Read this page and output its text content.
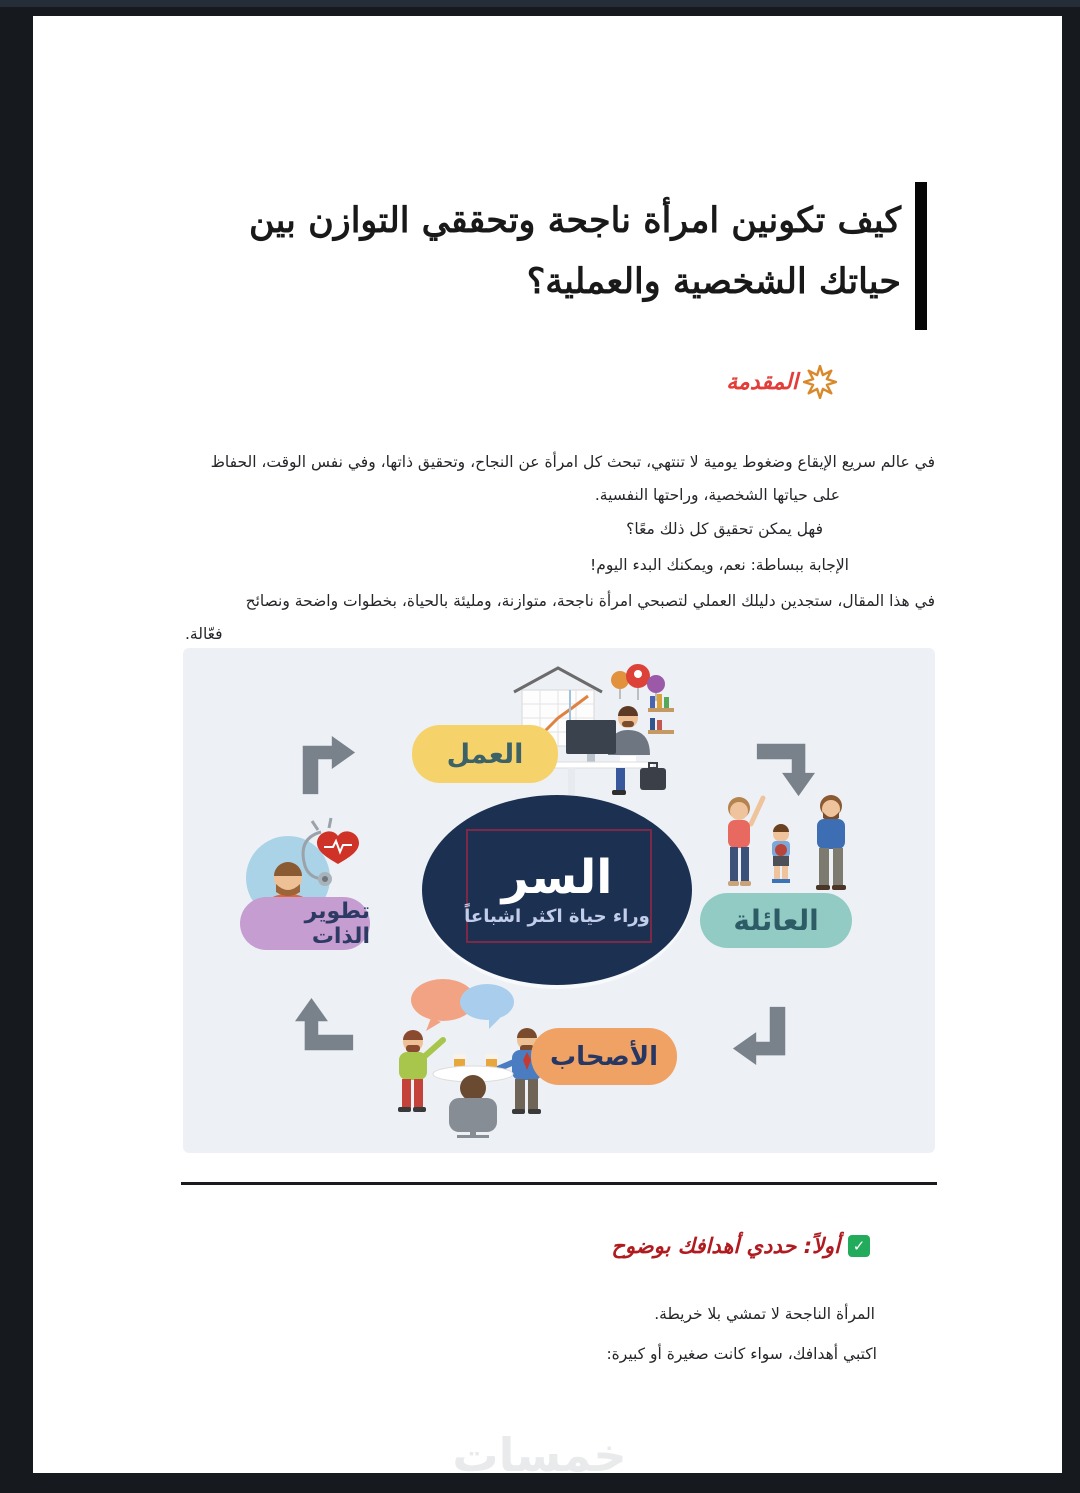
كيف تكونين امرأة ناجحة وتحققي التوازن بين
حياتك الشخصية والعملية؟
المقدمة
في عالم سريع الإيقاع وضغوط يومية لا تنتهي، تبحث كل امرأة عن النجاح، وتحقيق ذاتها، وفي نفس الوقت، الحفاظ
على حياتها الشخصية، وراحتها النفسية.
فهل يمكن تحقيق كل ذلك معًا؟
الإجابة ببساطة: نعم، ويمكنك البدء اليوم!
في هذا المقال، ستجدين دليلك العملي لتصبحي امرأة ناجحة، متوازنة، ومليئة بالحياة، بخطوات واضحة ونصائح
فعّالة.
العمل
العائلة
تطوير الذات
الأصحاب
السر
وراء حياة اكثر اشباعاً
✓
أولاً: حددي أهدافك بوضوح
المرأة الناجحة لا تمشي بلا خريطة.
اكتبي أهدافك، سواء كانت صغيرة أو كبيرة:
خمسات
